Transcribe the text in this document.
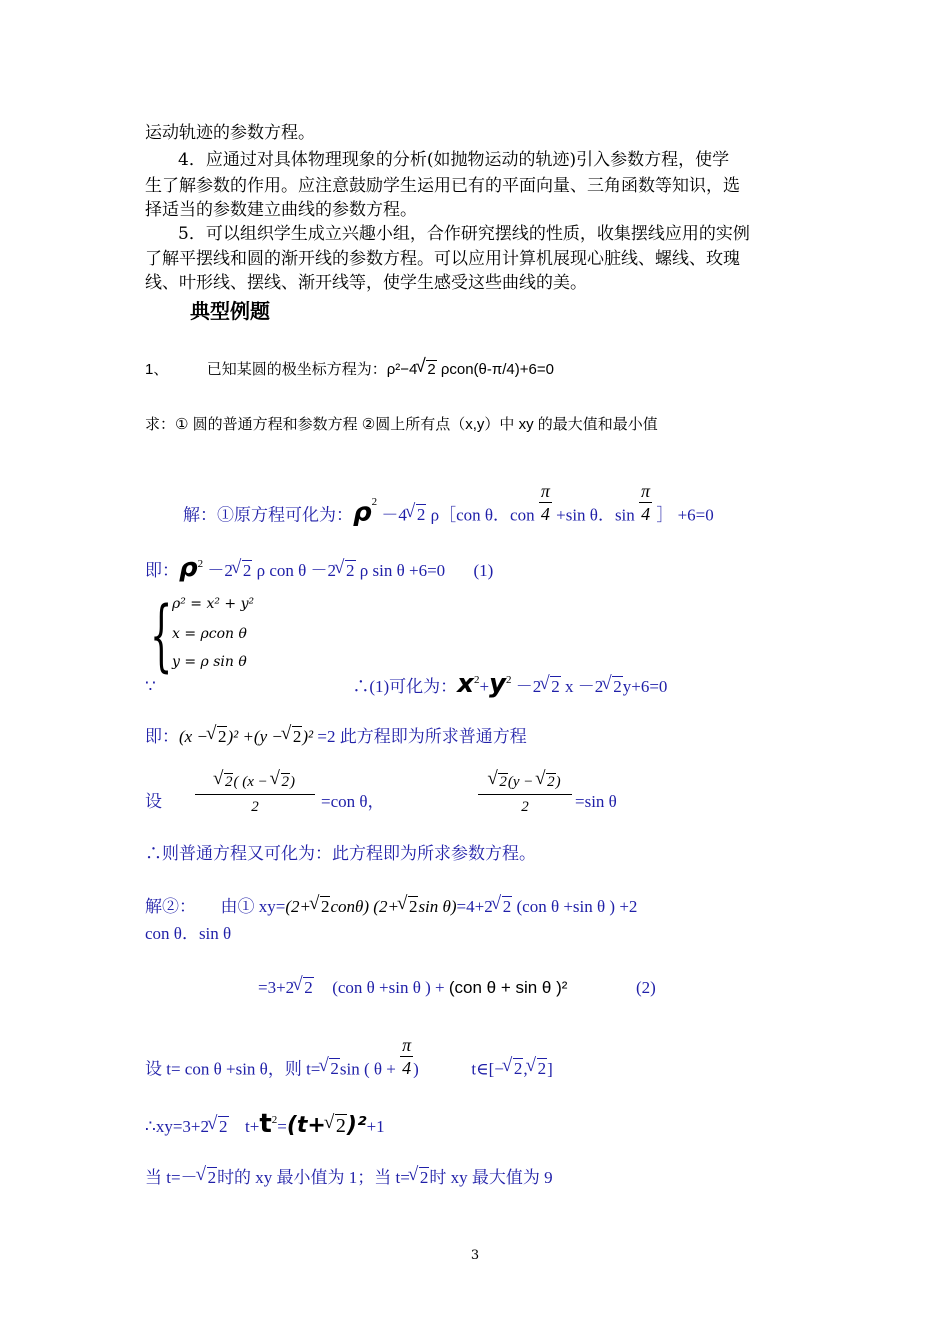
运动轨迹的参数方程。
4．应通过对具体物理现象的分析(如抛物运动的轨迹)引入参数方程，使学
生了解参数的作用。应注意鼓励学生运用已有的平面向量、三角函数等知识，选
择适当的参数建立曲线的参数方程。
5．可以组织学生成立兴趣小组，合作研究摆线的性质，收集摆线应用的实例
了解平摆线和圆的渐开线的参数方程。可以应用计算机展现心脏线、螺线、玫瑰
线、叶形线、摆线、渐开线等，使学生感受这些曲线的美。
典型例题
1、	已知某圆的极坐标方程为：ρ²−4√ 2 ρcon(θ-π/4)+6=0
求：① 圆的普通方程和参数方程 ②圆上所有点（x,y）中 xy 的最大值和最小值
解：①原方程可化为：$\rho^2 -4√$ 2 ρ［con θ．con $\frac{\pi}{4} +\sin$ θ．$\sin \frac{\pi}{4}$ ］ +6=0
即：$\rho^2 -2√$ 2 ρ con θ －2√ 2 ρ sin θ +6=0 (1)
{ ρ² = x² + y²
x = ρcon θ
y = ρ sin θ
∵	∴(1)可化为：$x^2+y^2 -2√$ 2 x －2√ 2y+6=0
即：(x −√ 2)² +(y −√ 2)² =2 此方程即为所求普通方程
设
√ $\frac{2( (x - √ 2)}{2} =con$ θ，
√	$\frac{2(y - √ 2)}{2} =\sin$ θ
∴则普通方程又可化为：此方程即为所求参数方程。
解②： 由① xy=(2+√ 2conθ) (2+√ 2sin θ)=4+2√ 2 (con θ +sin θ ) +2
con θ．sin θ
=3+2√ 2 (con θ +sin θ ) + (con θ + sin θ )²	(2)
设 t= con θ +sin θ，则 t=√ 2sin ( $\theta + \frac{\pi}{4}$)	t∈[−√ 2,√ 2]
∴xy=3+2√ 2 $t+t^2=(t+√$ 2)²+1
当 t=－√ 2时的 xy 最小值为 1；当 t=√ 2时 xy 最大值为 9
3
